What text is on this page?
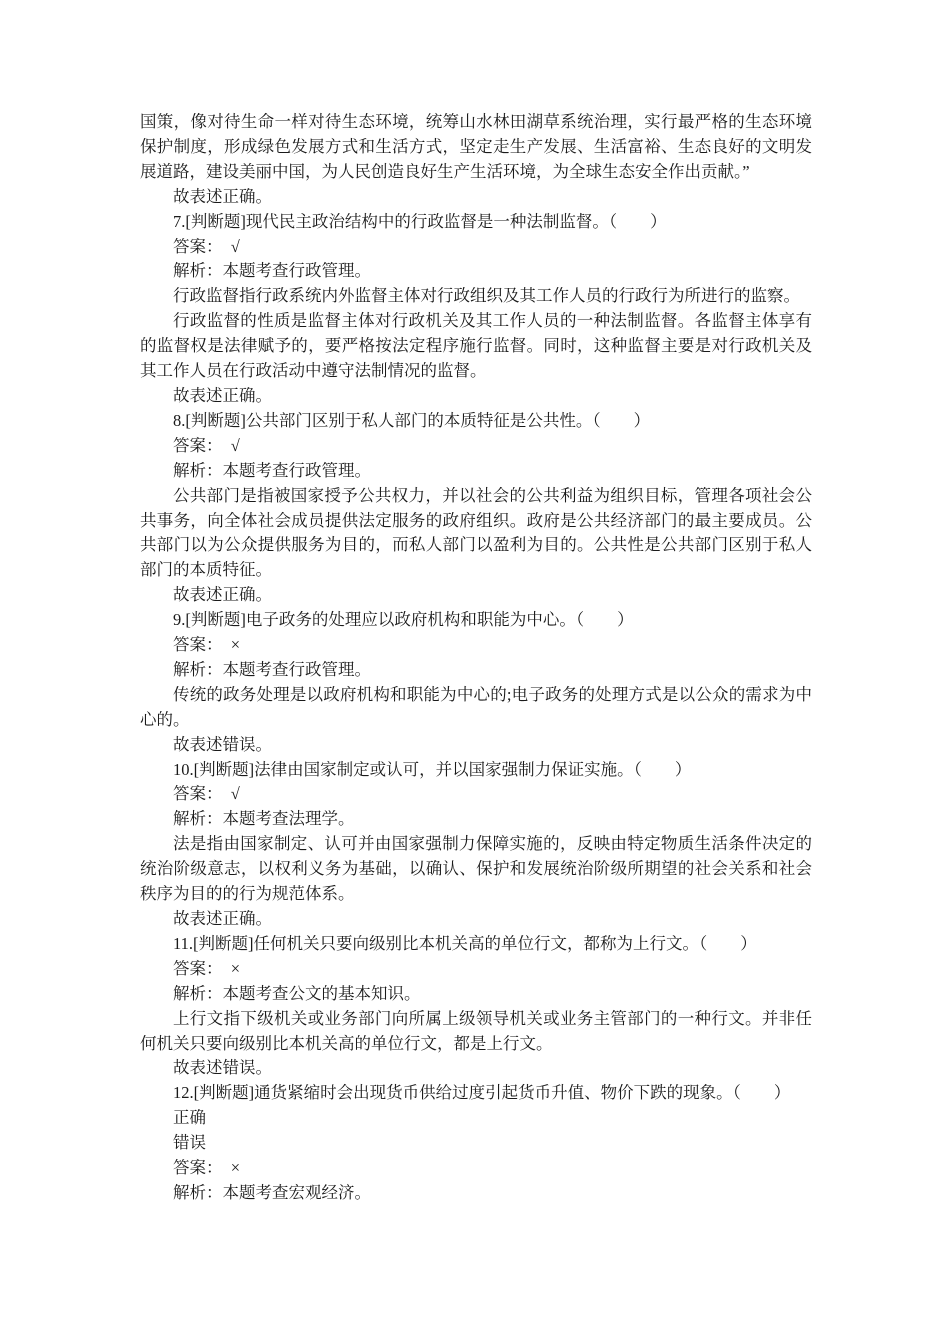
国策，像对待生命一样对待生态环境，统筹山水林田湖草系统治理，实行最严格的生态环境保护制度，形成绿色发展方式和生活方式，坚定走生产发展、生活富裕、生态良好的文明发展道路，建设美丽中国，为人民创造良好生产生活环境，为全球生态安全作出贡献。”

故表述正确。

7.[判断题]现代民主政治结构中的行政监督是一种法制监督。（　　）

答案：　√

解析：本题考查行政管理。

行政监督指行政系统内外监督主体对行政组织及其工作人员的行政行为所进行的监察。

行政监督的性质是监督主体对行政机关及其工作人员的一种法制监督。各监督主体享有的监督权是法律赋予的，要严格按法定程序施行监督。同时，这种监督主要是对行政机关及其工作人员在行政活动中遵守法制情况的监督。

故表述正确。

8.[判断题]公共部门区别于私人部门的本质特征是公共性。（　　）

答案：　√

解析：本题考查行政管理。

公共部门是指被国家授予公共权力，并以社会的公共利益为组织目标，管理各项社会公共事务，向全体社会成员提供法定服务的政府组织。政府是公共经济部门的最主要成员。公共部门以为公众提供服务为目的，而私人部门以盈利为目的。公共性是公共部门区别于私人部门的本质特征。

故表述正确。

9.[判断题]电子政务的处理应以政府机构和职能为中心。（　　）

答案：　×

解析：本题考查行政管理。

传统的政务处理是以政府机构和职能为中心的;电子政务的处理方式是以公众的需求为中心的。

故表述错误。

10.[判断题]法律由国家制定或认可，并以国家强制力保证实施。（　　）

答案：　√

解析：本题考查法理学。

法是指由国家制定、认可并由国家强制力保障实施的，反映由特定物质生活条件决定的统治阶级意志，以权利义务为基础，以确认、保护和发展统治阶级所期望的社会关系和社会秩序为目的的行为规范体系。

故表述正确。

11.[判断题]任何机关只要向级别比本机关高的单位行文，都称为上行文。（　　）

答案：　×

解析：本题考查公文的基本知识。

上行文指下级机关或业务部门向所属上级领导机关或业务主管部门的一种行文。并非任何机关只要向级别比本机关高的单位行文，都是上行文。

故表述错误。

12.[判断题]通货紧缩时会出现货币供给过度引起货币升值、物价下跌的现象。（　　）

正确

错误

答案：　×

解析：本题考查宏观经济。
